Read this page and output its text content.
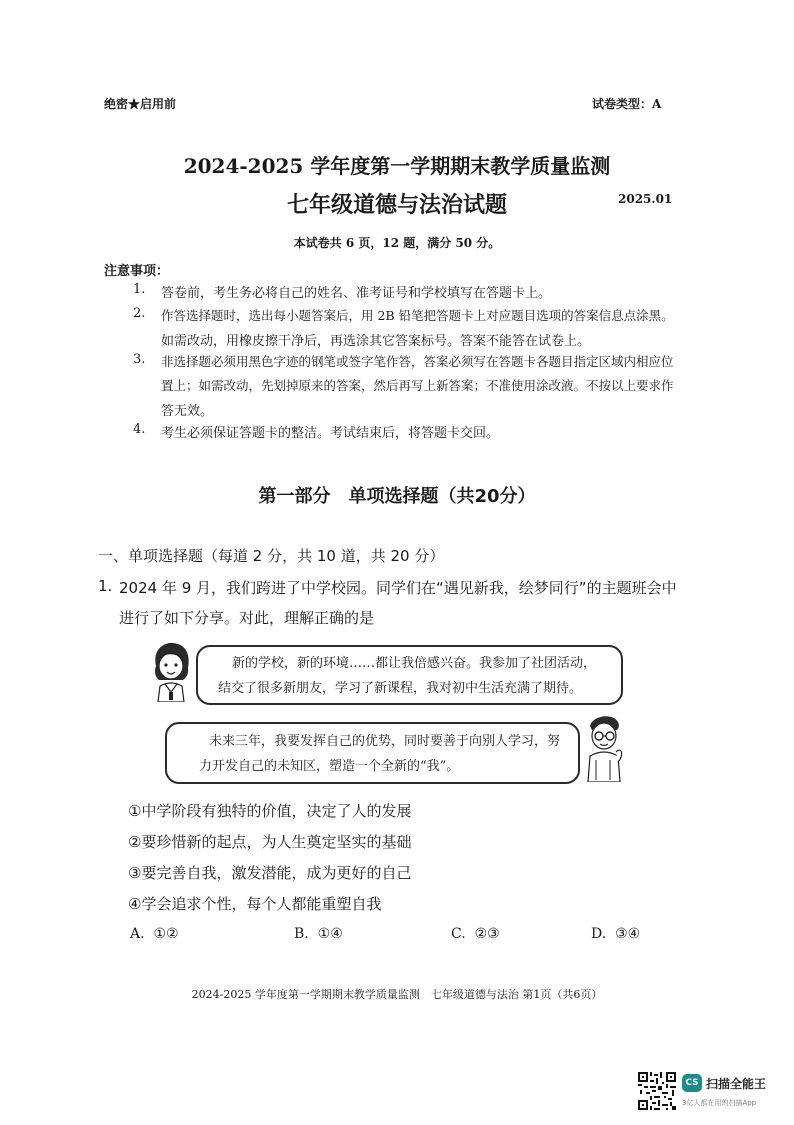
绝密★启用前	试卷类型：A
2024-2025 学年度第一学期期末教学质量监测
七年级道德与法治试题	2025.01
本试卷共 6 页，12 题，满分 50 分。
注意事项：
1. 答卷前，考生务必将自己的姓名、准考证号和学校填写在答题卡上。
2. 作答选择题时，选出每小题答案后，用 2B 铅笔把答题卡上对应题目选项的答案信息点涂黑。
如需改动，用橡皮擦干净后，再选涂其它答案标号。答案不能答在试卷上。
3. 非选择题必须用黑色字迹的钢笔或签字笔作答，答案必须写在答题卡各题目指定区域内相应位
置上；如需改动，先划掉原来的答案，然后再写上新答案；不准使用涂改液。不按以上要求作
答无效。
4. 考生必须保证答题卡的整洁。考试结束后，将答题卡交回。
第一部分　单项选择题（共20分）
一、单项选择题（每道 2 分，共 10 道，共 20 分）
1. 2024 年 9 月，我们跨进了中学校园。同学们在“遇见新我，绘梦同行”的主题班会中
进行了如下分享。对此，理解正确的是
新的学校，新的环境……都让我倍感兴奋。我参加了社团活动，
结交了很多新朋友，学习了新课程，我对初中生活充满了期待。
未来三年，我要发挥自己的优势，同时要善于向别人学习，努
力开发自己的未知区，塑造一个全新的“我”。
①中学阶段有独特的价值，决定了人的发展
②要珍惜新的起点，为人生奠定坚实的基础
③要完善自我，激发潜能，成为更好的自己
④学会追求个性，每个人都能重塑自我
A. ①②	B. ①④	C. ②③	D. ③④
2024-2025 学年度第一学期期末教学质量监测　七年级道德与法治 第1页（共6页）
CS 扫描全能王
3亿人都在用的扫描App
